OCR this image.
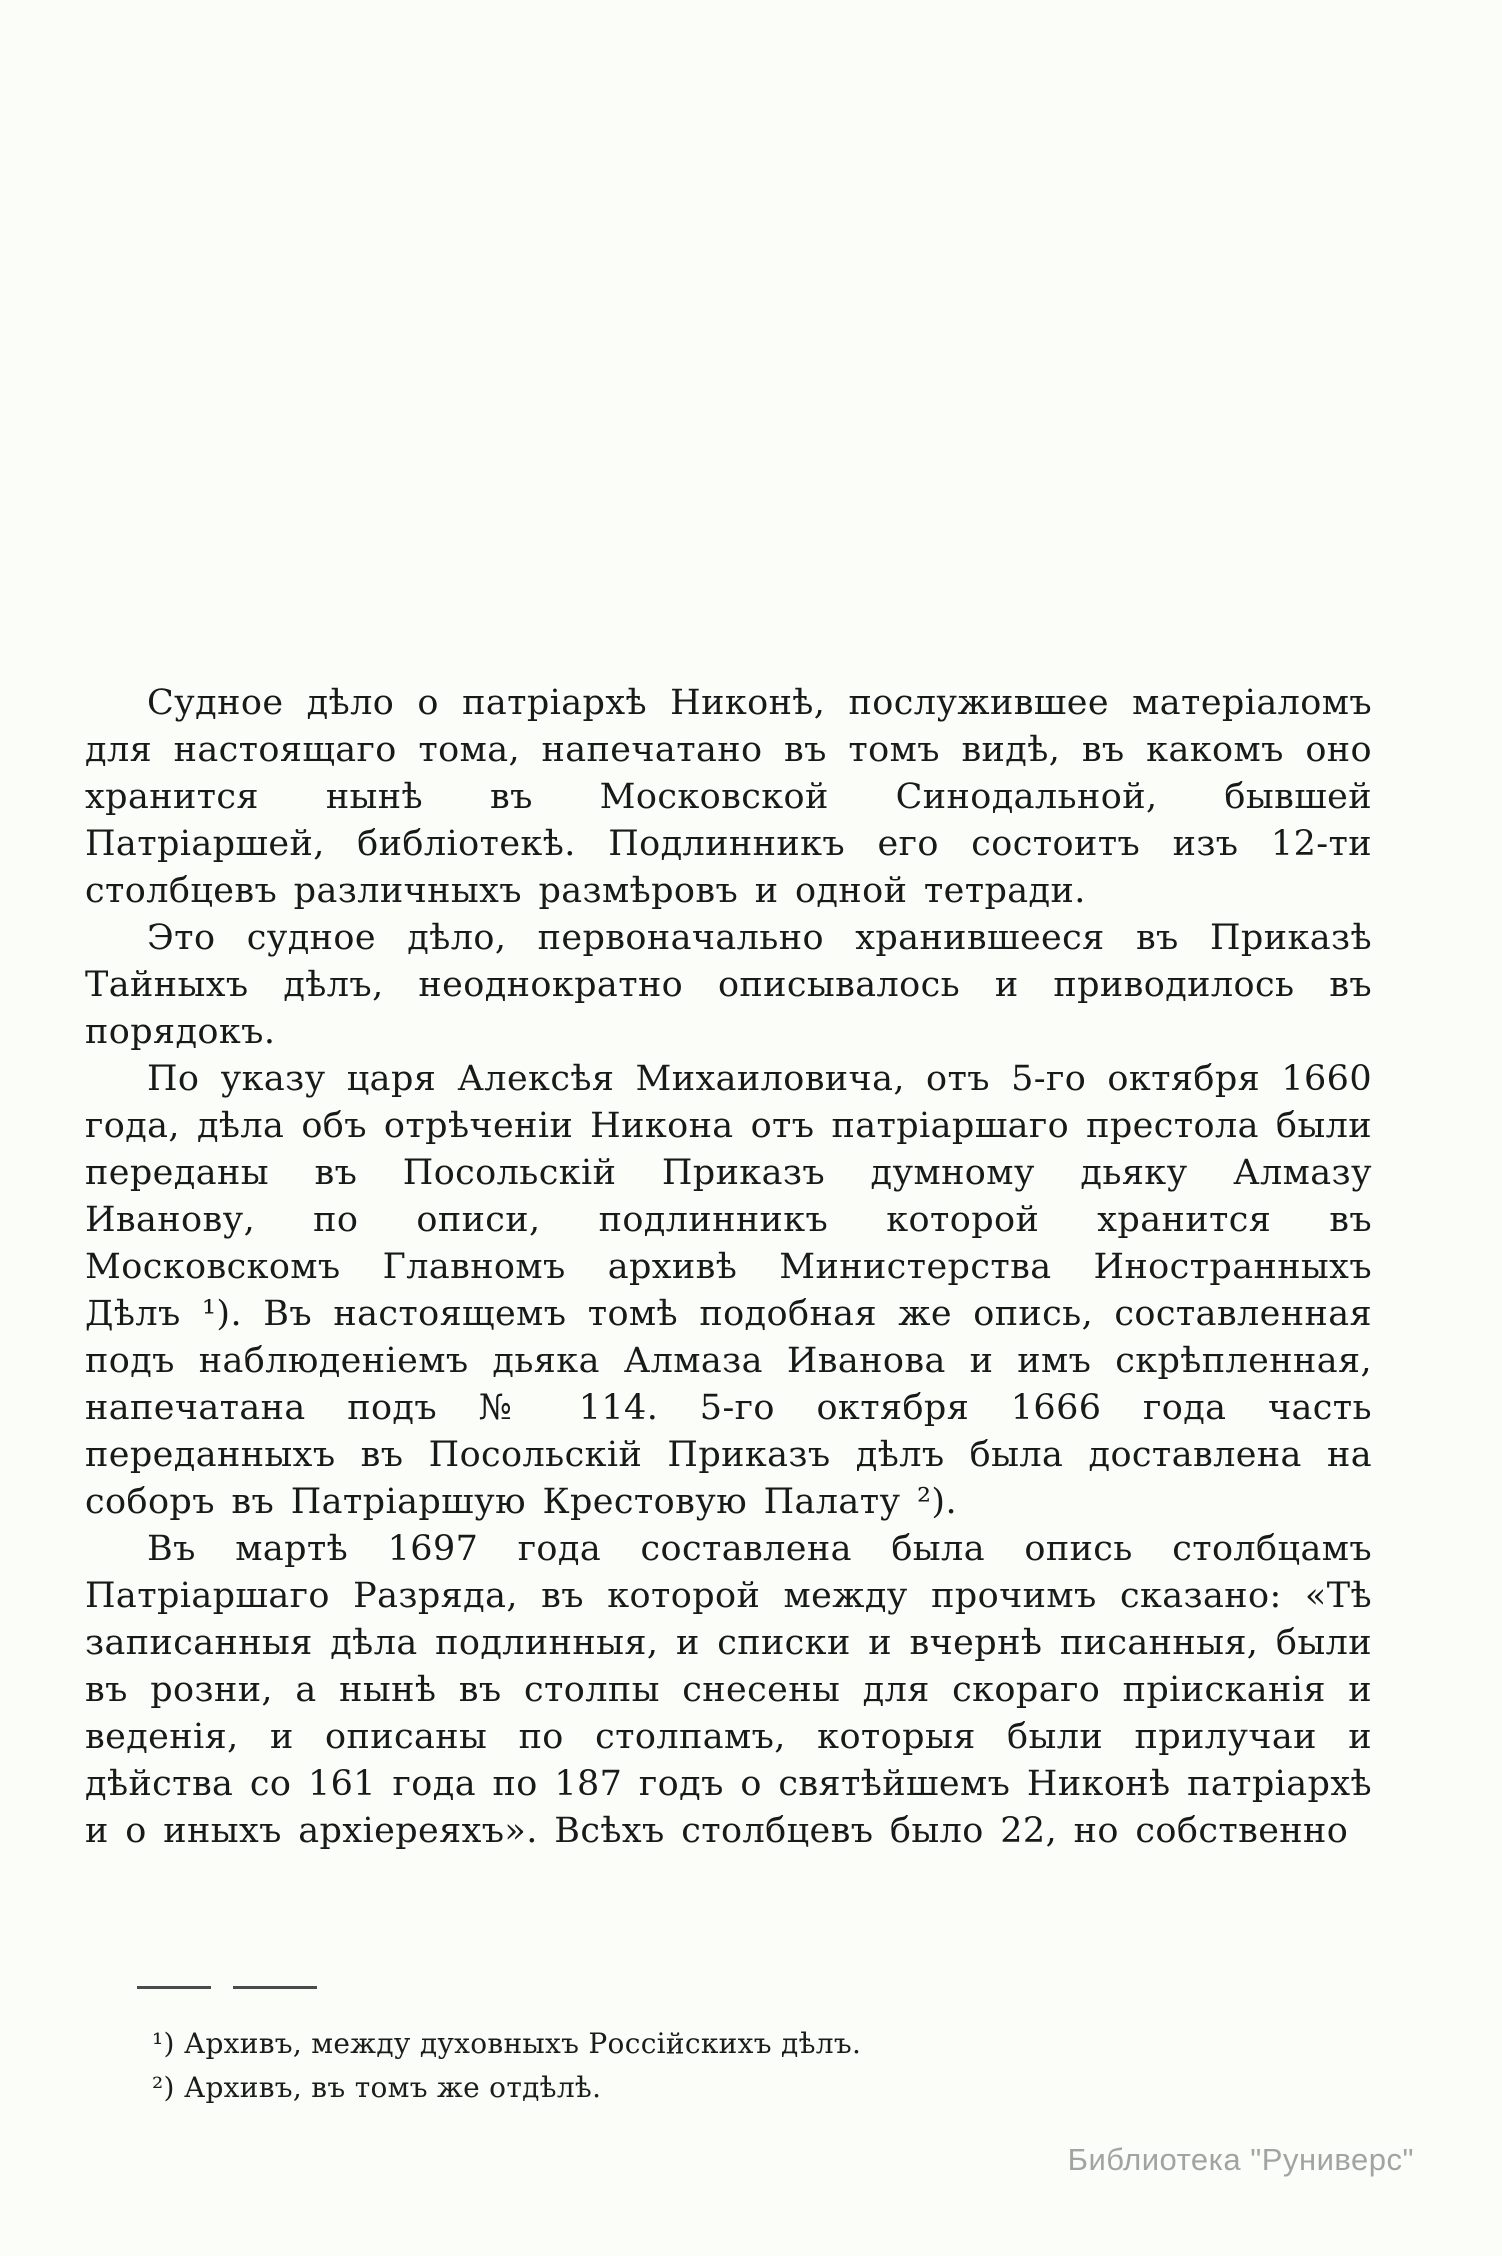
Судное дѣло о патріархѣ Никонѣ, послужившее матеріаломъ для настоящаго тома, напечатано въ томъ видѣ, въ какомъ оно хранится нынѣ въ Московской Синодальной, бывшей Патріаршей, библіотекѣ. Подлинникъ его состоитъ изъ 12-ти столбцевъ различныхъ размѣровъ и одной тетради.

Это судное дѣло, первоначально хранившееся въ Приказѣ Тайныхъ дѣлъ, неоднократно описывалось и приводилось въ порядокъ.

По указу царя Алексѣя Михаиловича, отъ 5-го октября 1660 года, дѣла объ отрѣченіи Никона отъ патріаршаго престола были переданы въ Посольскій Приказъ думному дьяку Алмазу Иванову, по описи, подлинникъ которой хранится въ Московскомъ Главномъ архивѣ Министерства Иностранныхъ Дѣлъ ¹). Въ настоящемъ томѣ подобная же опись, составленная подъ наблюденіемъ дьяка Алмаза Иванова и имъ скрѣпленная, напечатана подъ № 114. 5-го октября 1666 года часть переданныхъ въ Посольскій Приказъ дѣлъ была доставлена на соборъ въ Патріаршую Крестовую Палату ²).

Въ мартѣ 1697 года составлена была опись столбцамъ Патріаршаго Разряда, въ которой между прочимъ сказано: «Тѣ записанныя дѣла подлинныя, и списки и вчернѣ писанныя, были въ розни, а нынѣ въ столпы снесены для скораго пріисканія и веденія, и описаны по столпамъ, которыя были прилучаи и дѣйства со 161 года по 187 годъ о святѣйшемъ Никонѣ патріархѣ и о иныхъ архіереяхъ». Всѣхъ столбцевъ было 22, но собственно

¹) Архивъ, между духовныхъ Россійскихъ дѣлъ.

²) Архивъ, въ томъ же отдѣлѣ.

Библиотека "Руниверс"
